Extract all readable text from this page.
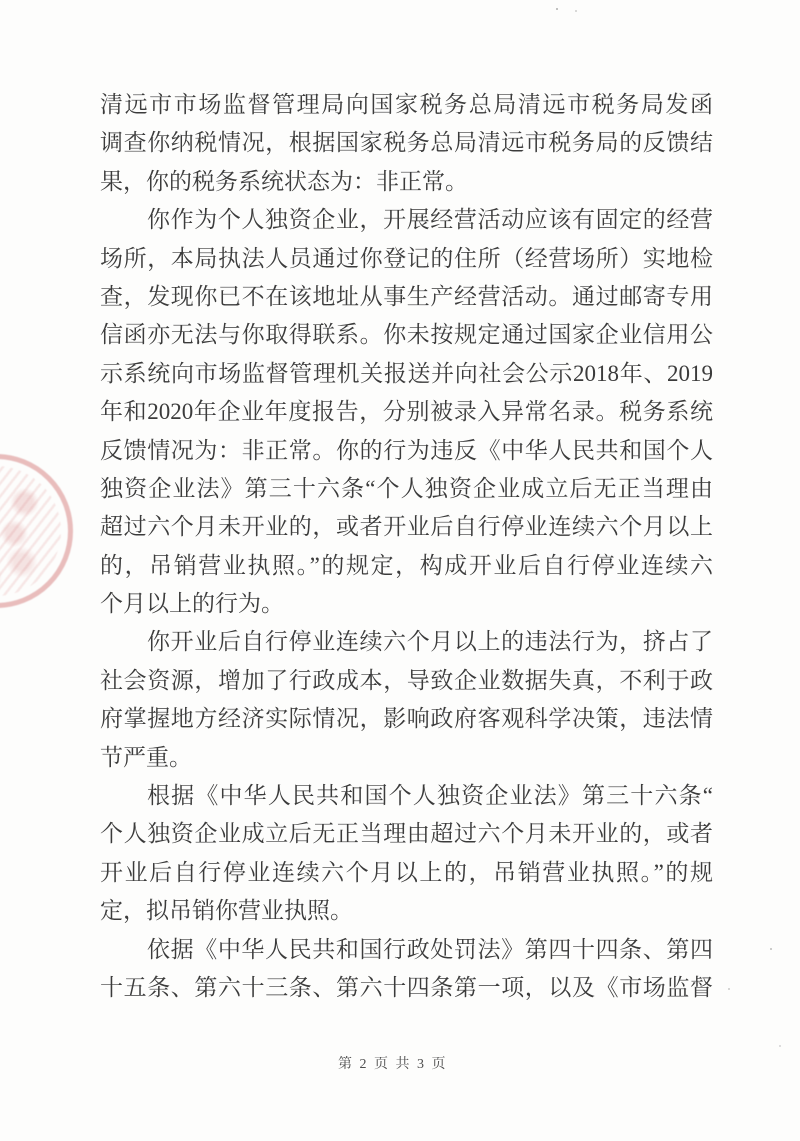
清远市市场监督管理局向国家税务总局清远市税务局发函
调查你纳税情况，根据国家税务总局清远市税务局的反馈结
果，你的税务系统状态为：非正常。
你作为个人独资企业，开展经营活动应该有固定的经营
场所，本局执法人员通过你登记的住所（经营场所）实地检
查，发现你已不在该地址从事生产经营活动。通过邮寄专用
信函亦无法与你取得联系。你未按规定通过国家企业信用公
示系统向市场监督管理机关报送并向社会公示2018年、2019
年和2020年企业年度报告，分别被录入异常名录。税务系统
反馈情况为：非正常。你的行为违反《中华人民共和国个人
独资企业法》第三十六条“个人独资企业成立后无正当理由
超过六个月未开业的，或者开业后自行停业连续六个月以上
的，吊销营业执照。”的规定，构成开业后自行停业连续六
个月以上的行为。
你开业后自行停业连续六个月以上的违法行为，挤占了
社会资源，增加了行政成本，导致企业数据失真，不利于政
府掌握地方经济实际情况，影响政府客观科学决策，违法情
节严重。
根据《中华人民共和国个人独资企业法》第三十六条“
个人独资企业成立后无正当理由超过六个月未开业的，或者
开业后自行停业连续六个月以上的，吊销营业执照。”的规
定，拟吊销你营业执照。
依据《中华人民共和国行政处罚法》第四十四条、第四
十五条、第六十三条、第六十四条第一项，以及《市场监督
第 2 页 共 3 页
